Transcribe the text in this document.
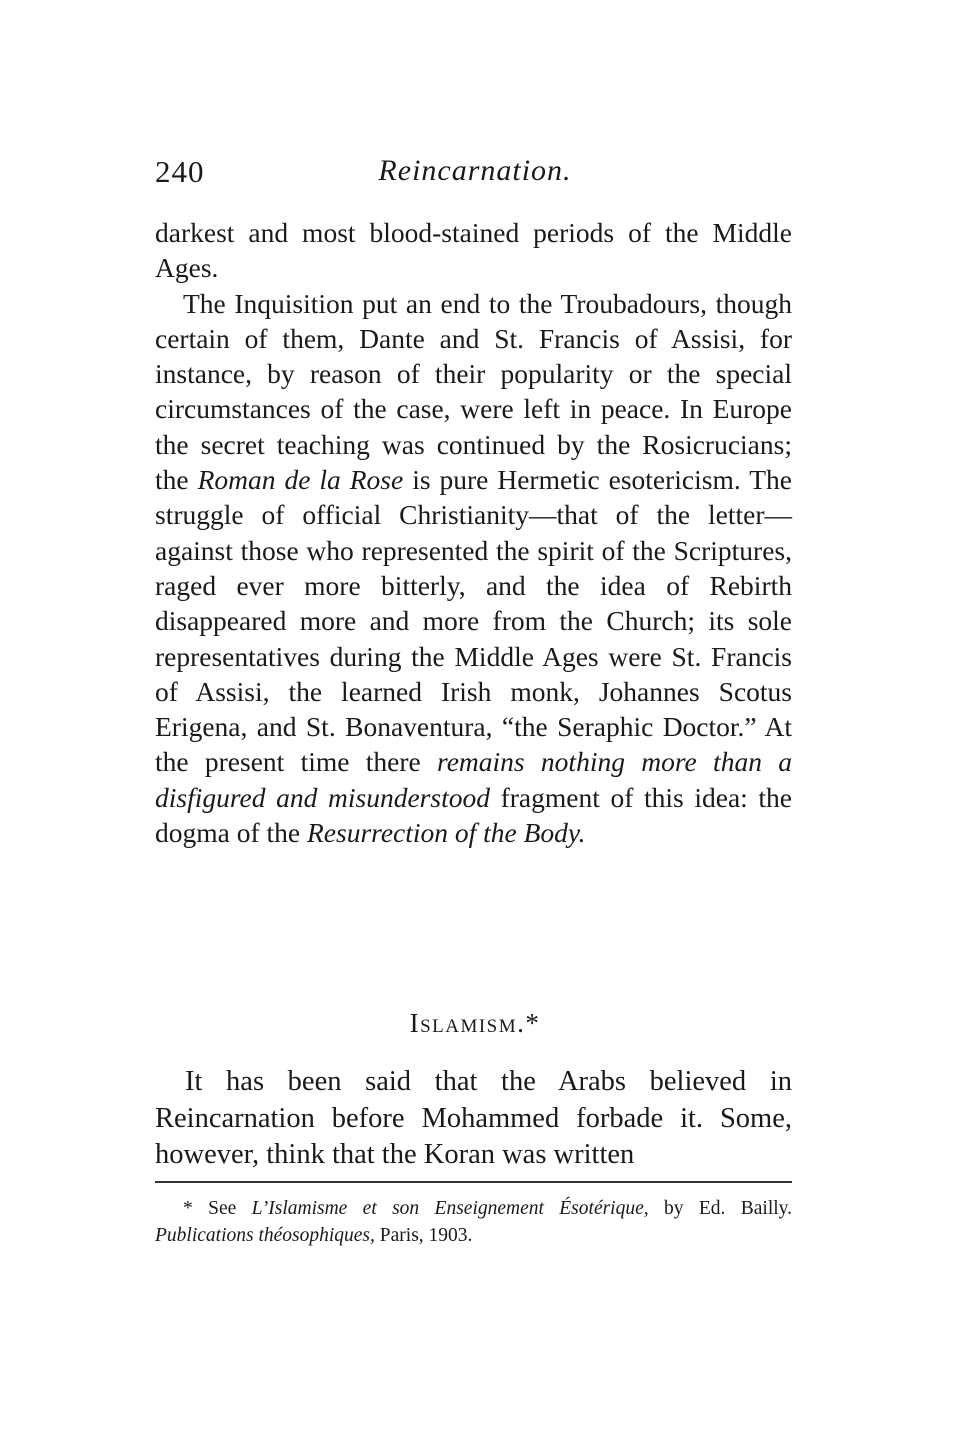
240	Reincarnation.

darkest and most blood-stained periods of the Middle Ages.

The Inquisition put an end to the Troubadours, though certain of them, Dante and St. Francis of Assisi, for instance, by reason of their popularity or the special circumstances of the case, were left in peace. In Europe the secret teaching was continued by the Rosicrucians; the Roman de la Rose is pure Hermetic esotericism. The struggle of official Christianity—that of the letter—against those who represented the spirit of the Scriptures, raged ever more bitterly, and the idea of Rebirth disappeared more and more from the Church; its sole representatives during the Middle Ages were St. Francis of Assisi, the learned Irish monk, Johannes Scotus Erigena, and St. Bonaventura, “the Seraphic Doctor.” At the present time there remains nothing more than a disfigured and misunderstood fragment of this idea: the dogma of the Resurrection of the Body.

Islamism.*

It has been said that the Arabs believed in Reincarnation before Mohammed forbade it. Some, however, think that the Koran was written

* See L’Islamisme et son Enseignement Ésotérique, by Ed. Bailly. Publications théosophiques, Paris, 1903.
